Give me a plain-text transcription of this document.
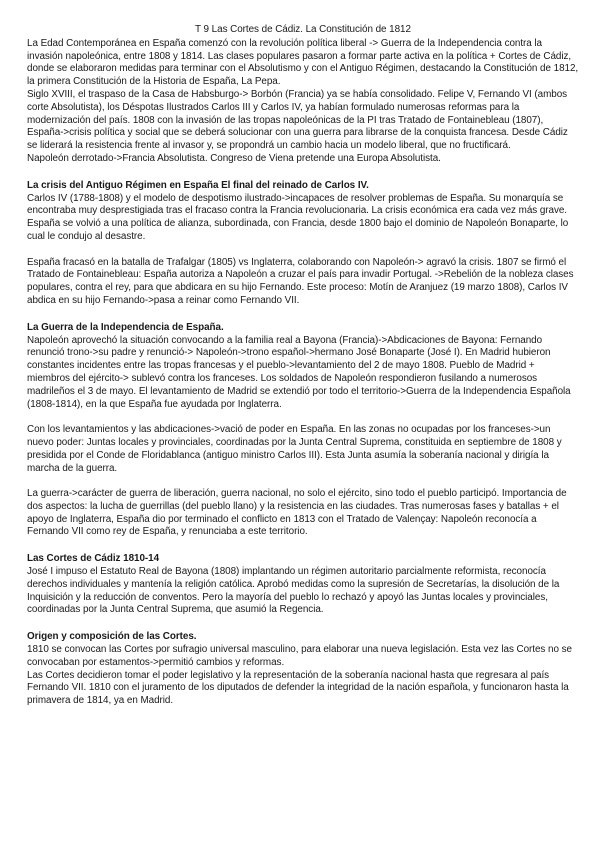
T 9 Las Cortes de Cádiz. La Constitución de 1812

La Edad Contemporánea en España comenzó con la revolución política liberal -> Guerra de la Independencia contra la invasión napoleónica, entre 1808 y 1814. Las clases populares pasaron a formar parte activa en la política + Cortes de Cádiz, donde se elaboraron medidas para terminar con el Absolutismo y con el Antiguo Régimen, destacando la Constitución de 1812, la primera Constitución de la Historia de España, La Pepa.

Siglo XVIII, el traspaso de la Casa de Habsburgo-> Borbón (Francia) ya se había consolidado. Felipe V, Fernando VI (ambos corte Absolutista), los Déspotas Ilustrados Carlos III y Carlos IV, ya habían formulado numerosas reformas para la modernización del país. 1808 con la invasión de las tropas napoleónicas de la PI tras Tratado de Fontainebleau (1807), España->crisis política y social que se deberá solucionar con una guerra para librarse de la conquista francesa. Desde Cádiz se liderará la resistencia frente al invasor y, se propondrá un cambio hacia un modelo liberal, que no fructificará.

Napoleón derrotado->Francia Absolutista. Congreso de Viena pretende una Europa Absolutista.

La crisis del Antiguo Régimen en España El final del reinado de Carlos IV.

Carlos IV (1788-1808) y el modelo de despotismo ilustrado->incapaces de resolver problemas de España. Su monarquía se encontraba muy desprestigiada tras el fracaso contra la Francia revolucionaria. La crisis económica era cada vez más grave. España se volvió a una política de alianza, subordinada, con Francia, desde 1800 bajo el dominio de Napoleón Bonaparte, lo cual le condujo al desastre.

España fracasó en la batalla de Trafalgar (1805) vs Inglaterra, colaborando con Napoleón-> agravó la crisis. 1807 se firmó el Tratado de Fontainebleau: España autoriza a Napoleón a cruzar el país para invadir Portugal. ->Rebelión de la nobleza clases populares, contra el rey, para que abdicara en su hijo Fernando. Este proceso: Motín de Aranjuez (19 marzo 1808), Carlos IV abdica en su hijo Fernando->pasa a reinar como Fernando VII.

La Guerra de la Independencia de España.

Napoleón aprovechó la situación convocando a la familia real a Bayona (Francia)->Abdicaciones de Bayona: Fernando renunció trono->su padre y renunció-> Napoleón->trono español->hermano José Bonaparte (José I). En Madrid hubieron constantes incidentes entre las tropas francesas y el pueblo->levantamiento del 2 de mayo 1808. Pueblo de Madrid + miembros del ejército-> sublevó contra los franceses. Los soldados de Napoleón respondieron fusilando a numerosos madrileños el 3 de mayo. El levantamiento de Madrid se extendió por todo el territorio->Guerra de la Independencia Española (1808-1814), en la que España fue ayudada por Inglaterra.

Con los levantamientos y las abdicaciones->vació de poder en España. En las zonas no ocupadas por los franceses->un nuevo poder: Juntas locales y provinciales, coordinadas por la Junta Central Suprema, constituida en septiembre de 1808 y presidida por el Conde de Floridablanca (antiguo ministro Carlos III). Esta Junta asumía la soberanía nacional y dirigía la marcha de la guerra.

La guerra->carácter de guerra de liberación, guerra nacional, no solo el ejército, sino todo el pueblo participó. Importancia de dos aspectos: la lucha de guerrillas (del pueblo llano) y la resistencia en las ciudades. Tras numerosas fases y batallas + el apoyo de Inglaterra, España dio por terminado el conflicto en 1813 con el Tratado de Valençay: Napoleón reconocía a Fernando VII como rey de España, y renunciaba a este territorio.

Las Cortes de Cádiz 1810-14

José I impuso el Estatuto Real de Bayona (1808) implantando un régimen autoritario parcialmente reformista, reconocía derechos individuales y mantenía la religión católica. Aprobó medidas como la supresión de Secretarías, la disolución de la Inquisición y la reducción de conventos. Pero la mayoría del pueblo lo rechazó y apoyó las Juntas locales y provinciales, coordinadas por la Junta Central Suprema, que asumió la Regencia.

Origen y composición de las Cortes.

1810 se convocan las Cortes por sufragio universal masculino, para elaborar una nueva legislación. Esta vez las Cortes no se convocaban por estamentos->permitió cambios y reformas.

Las Cortes decidieron tomar el poder legislativo y la representación de la soberanía nacional hasta que regresara al país Fernando VII. 1810 con el juramento de los diputados de defender la integridad de la nación española, y funcionaron hasta la primavera de 1814, ya en Madrid.
